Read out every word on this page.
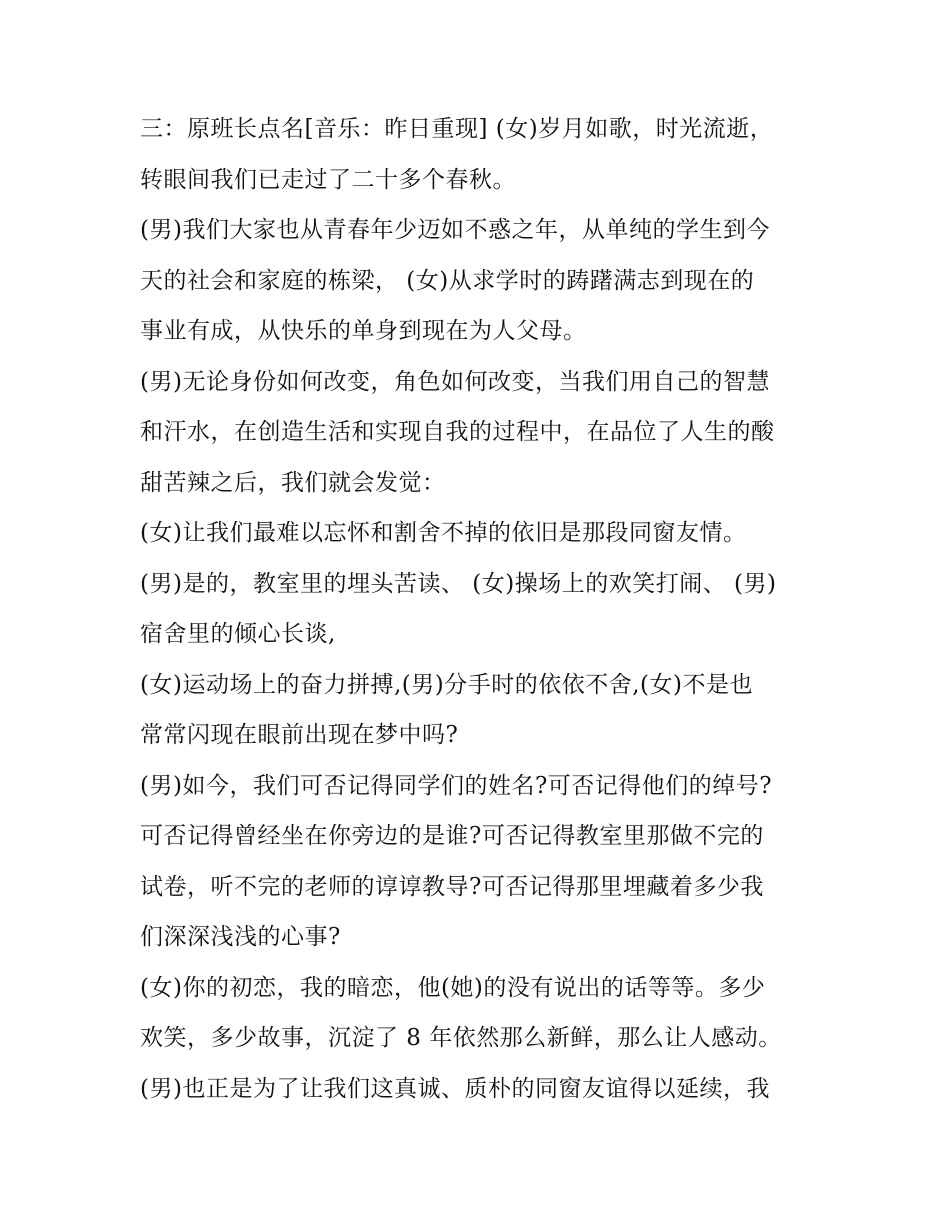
三：原班长点名[音乐：昨日重现] (女)岁月如歌，时光流逝，
转眼间我们已走过了二十多个春秋。
(男)我们大家也从青春年少迈如不惑之年，从单纯的学生到今
天的社会和家庭的栋梁， (女)从求学时的踌躇满志到现在的
事业有成，从快乐的单身到现在为人父母。
(男)无论身份如何改变，角色如何改变，当我们用自己的智慧
和汗水，在创造生活和实现自我的过程中，在品位了人生的酸
甜苦辣之后，我们就会发觉：
(女)让我们最难以忘怀和割舍不掉的依旧是那段同窗友情。
(男)是的，教室里的埋头苦读、 (女)操场上的欢笑打闹、 (男)
宿舍里的倾心长谈,
(女)运动场上的奋力拼搏,(男)分手时的依依不舍,(女)不是也
常常闪现在眼前出现在梦中吗?
(男)如今，我们可否记得同学们的姓名?可否记得他们的绰号?
可否记得曾经坐在你旁边的是谁?可否记得教室里那做不完的
试卷，听不完的老师的谆谆教导?可否记得那里埋藏着多少我
们深深浅浅的心事?
(女)你的初恋，我的暗恋，他(她)的没有说出的话等等。多少
欢笑，多少故事，沉淀了 8 年依然那么新鲜，那么让人感动。
(男)也正是为了让我们这真诚、质朴的同窗友谊得以延续，我
